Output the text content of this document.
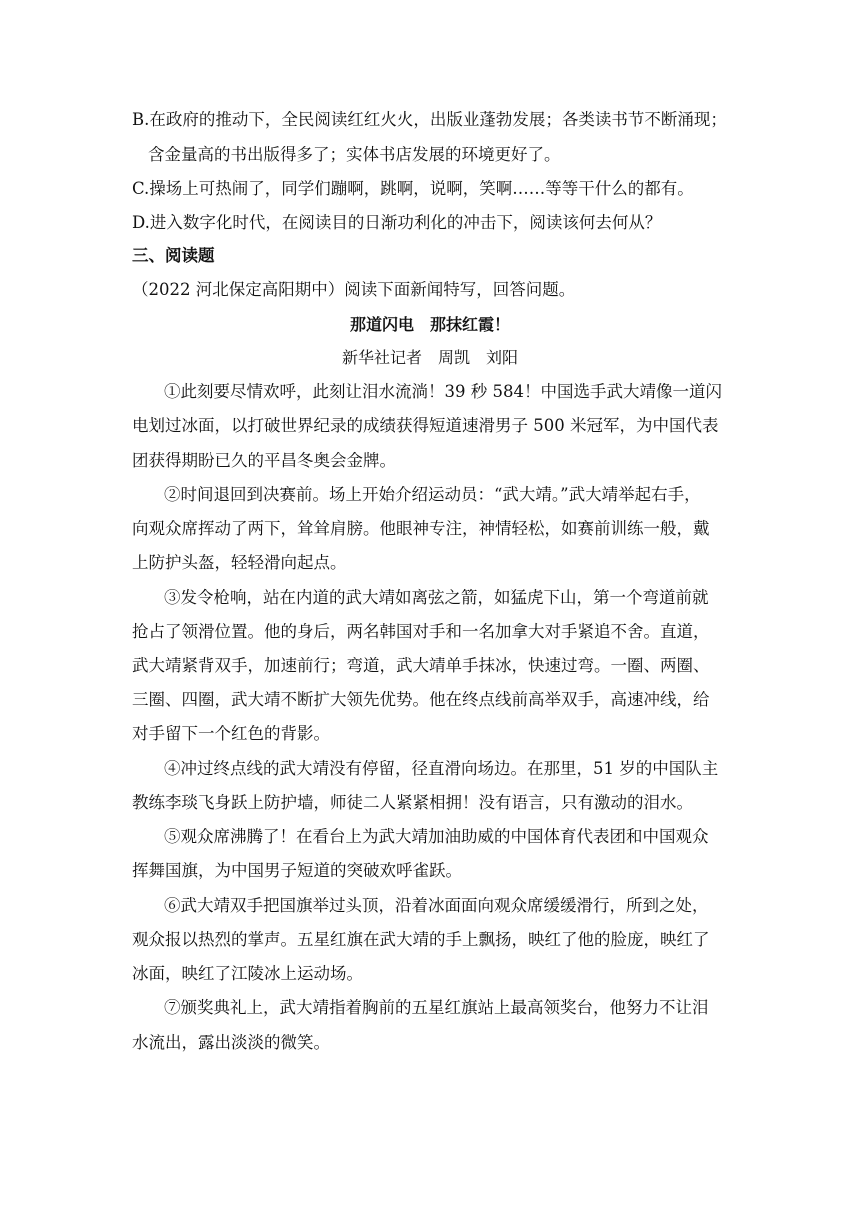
B.在政府的推动下，全民阅读红红火火，出版业蓬勃发展；各类读书节不断涌现；
含金量高的书出版得多了；实体书店发展的环境更好了。
C.操场上可热闹了，同学们蹦啊，跳啊，说啊，笑啊……等等干什么的都有。
D.进入数字化时代，在阅读目的日渐功利化的冲击下，阅读该何去何从？
三、阅读题
（2022 河北保定高阳期中）阅读下面新闻特写，回答问题。
那道闪电　那抹红霞！
新华社记者　周凯　刘阳
①此刻要尽情欢呼，此刻让泪水流淌！39 秒 584！中国选手武大靖像一道闪
电划过冰面，以打破世界纪录的成绩获得短道速滑男子 500 米冠军，为中国代表
团获得期盼已久的平昌冬奥会金牌。
②时间退回到决赛前。场上开始介绍运动员：“武大靖。”武大靖举起右手，
向观众席挥动了两下，耸耸肩膀。他眼神专注，神情轻松，如赛前训练一般，戴
上防护头盔，轻轻滑向起点。
③发令枪响，站在内道的武大靖如离弦之箭，如猛虎下山，第一个弯道前就
抢占了领滑位置。他的身后，两名韩国对手和一名加拿大对手紧追不舍。直道，
武大靖紧背双手，加速前行；弯道，武大靖单手抹冰，快速过弯。一圈、两圈、
三圈、四圈，武大靖不断扩大领先优势。他在终点线前高举双手，高速冲线，给
对手留下一个红色的背影。
④冲过终点线的武大靖没有停留，径直滑向场边。在那里，51 岁的中国队主
教练李琰飞身跃上防护墙，师徒二人紧紧相拥！没有语言，只有激动的泪水。
⑤观众席沸腾了！在看台上为武大靖加油助威的中国体育代表团和中国观众
挥舞国旗，为中国男子短道的突破欢呼雀跃。
⑥武大靖双手把国旗举过头顶，沿着冰面面向观众席缓缓滑行，所到之处，
观众报以热烈的掌声。五星红旗在武大靖的手上飘扬，映红了他的脸庞，映红了
冰面，映红了江陵冰上运动场。
⑦颁奖典礼上，武大靖指着胸前的五星红旗站上最高领奖台，他努力不让泪
水流出，露出淡淡的微笑。
